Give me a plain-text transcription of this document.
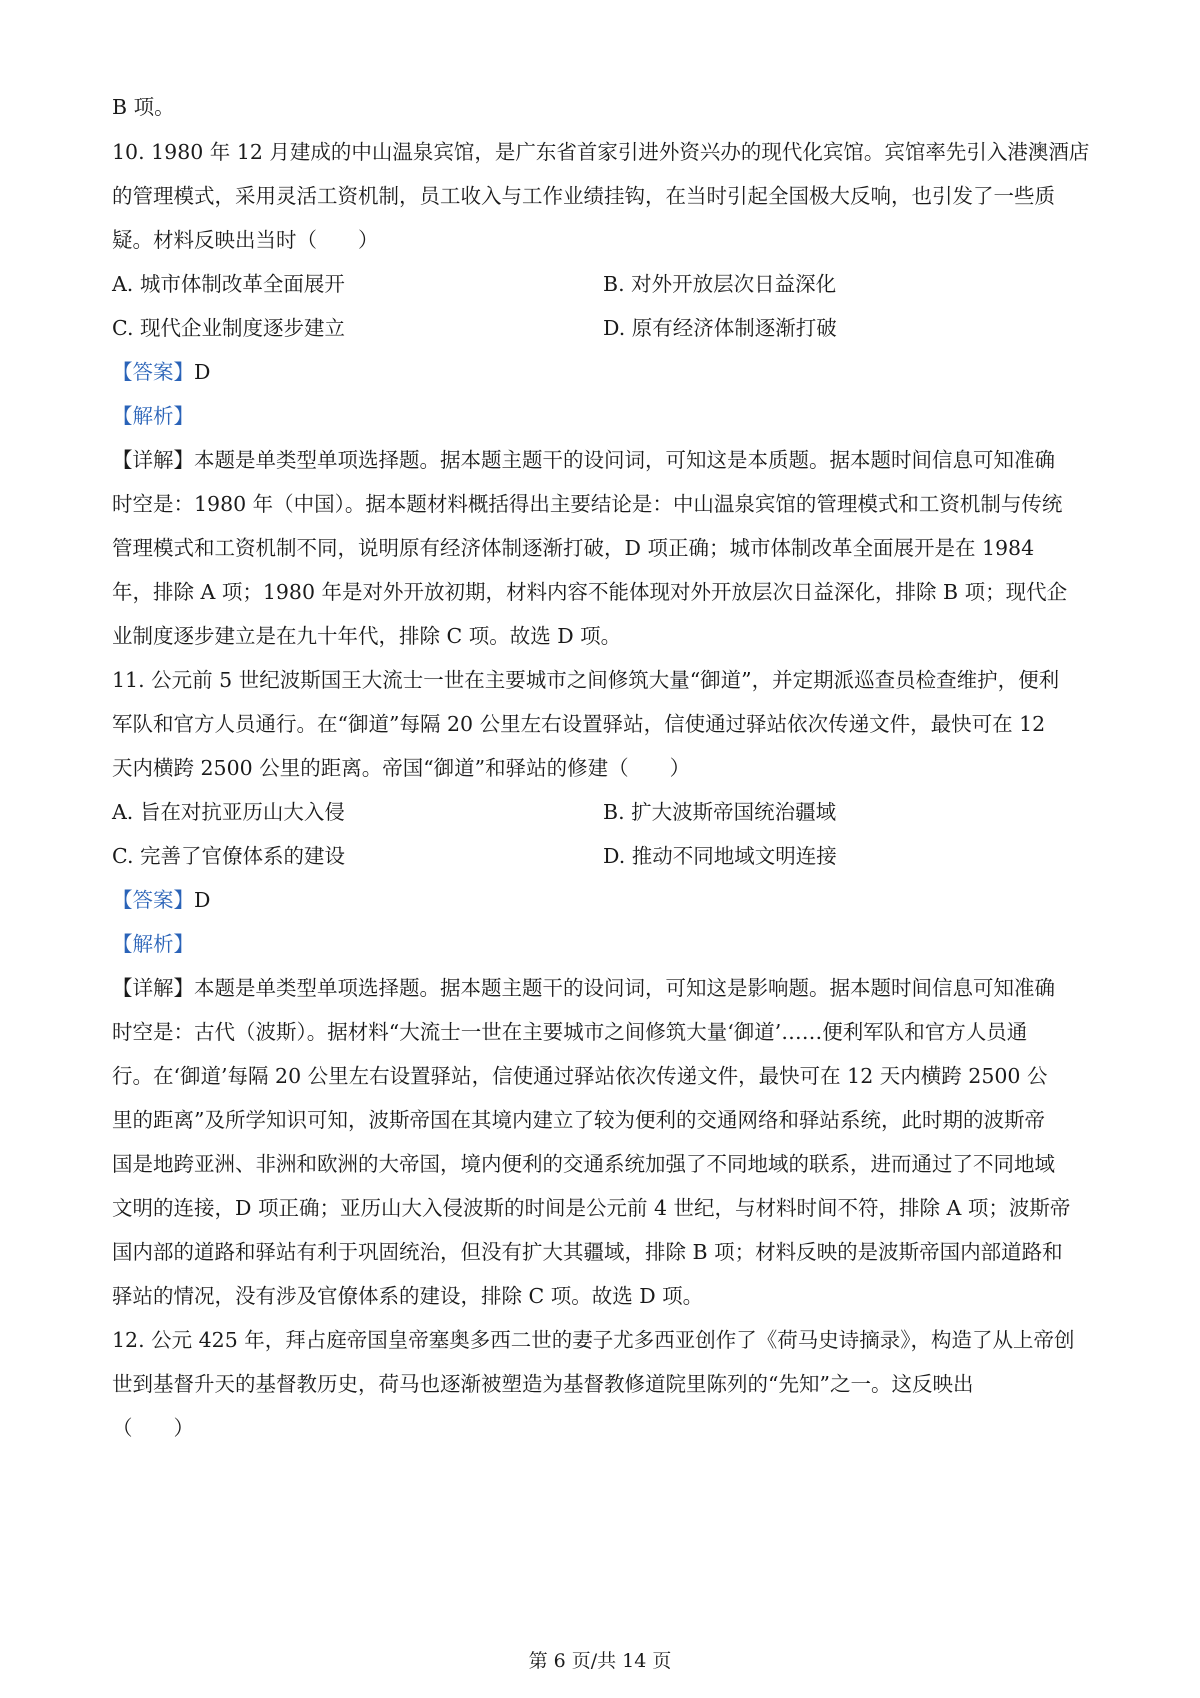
B 项。
10. 1980 年 12 月建成的中山温泉宾馆，是广东省首家引进外资兴办的现代化宾馆。宾馆率先引入港澳酒店
的管理模式，采用灵活工资机制，员工收入与工作业绩挂钩，在当时引起全国极大反响，也引发了一些质
疑。材料反映出当时（　　）
A. 城市体制改革全面展开	B. 对外开放层次日益深化
C. 现代企业制度逐步建立	D. 原有经济体制逐渐打破
【答案】D
【解析】
【详解】本题是单类型单项选择题。据本题主题干的设问词，可知这是本质题。据本题时间信息可知准确
时空是：1980 年（中国）。据本题材料概括得出主要结论是：中山温泉宾馆的管理模式和工资机制与传统
管理模式和工资机制不同，说明原有经济体制逐渐打破，D 项正确；城市体制改革全面展开是在 1984
年，排除 A 项；1980 年是对外开放初期，材料内容不能体现对外开放层次日益深化，排除 B 项；现代企
业制度逐步建立是在九十年代，排除 C 项。故选 D 项。
11. 公元前 5 世纪波斯国王大流士一世在主要城市之间修筑大量“御道”，并定期派巡查员检查维护，便利
军队和官方人员通行。在“御道”每隔 20 公里左右设置驿站，信使通过驿站依次传递文件，最快可在 12
天内横跨 2500 公里的距离。帝国“御道”和驿站的修建（　　）
A. 旨在对抗亚历山大入侵	B. 扩大波斯帝国统治疆域
C. 完善了官僚体系的建设	D. 推动不同地域文明连接
【答案】D
【解析】
【详解】本题是单类型单项选择题。据本题主题干的设问词，可知这是影响题。据本题时间信息可知准确
时空是：古代（波斯）。据材料“大流士一世在主要城市之间修筑大量‘御道’……便利军队和官方人员通
行。在‘御道’每隔 20 公里左右设置驿站，信使通过驿站依次传递文件，最快可在 12 天内横跨 2500 公
里的距离”及所学知识可知，波斯帝国在其境内建立了较为便利的交通网络和驿站系统，此时期的波斯帝
国是地跨亚洲、非洲和欧洲的大帝国，境内便利的交通系统加强了不同地域的联系，进而通过了不同地域
文明的连接，D 项正确；亚历山大入侵波斯的时间是公元前 4 世纪，与材料时间不符，排除 A 项；波斯帝
国内部的道路和驿站有利于巩固统治，但没有扩大其疆域，排除 B 项；材料反映的是波斯帝国内部道路和
驿站的情况，没有涉及官僚体系的建设，排除 C 项。故选 D 项。
12. 公元 425 年，拜占庭帝国皇帝塞奥多西二世的妻子尤多西亚创作了《荷马史诗摘录》，构造了从上帝创
世到基督升天的基督教历史，荷马也逐渐被塑造为基督教修道院里陈列的“先知”之一。这反映出
（　　）
第 6 页/共 14 页
